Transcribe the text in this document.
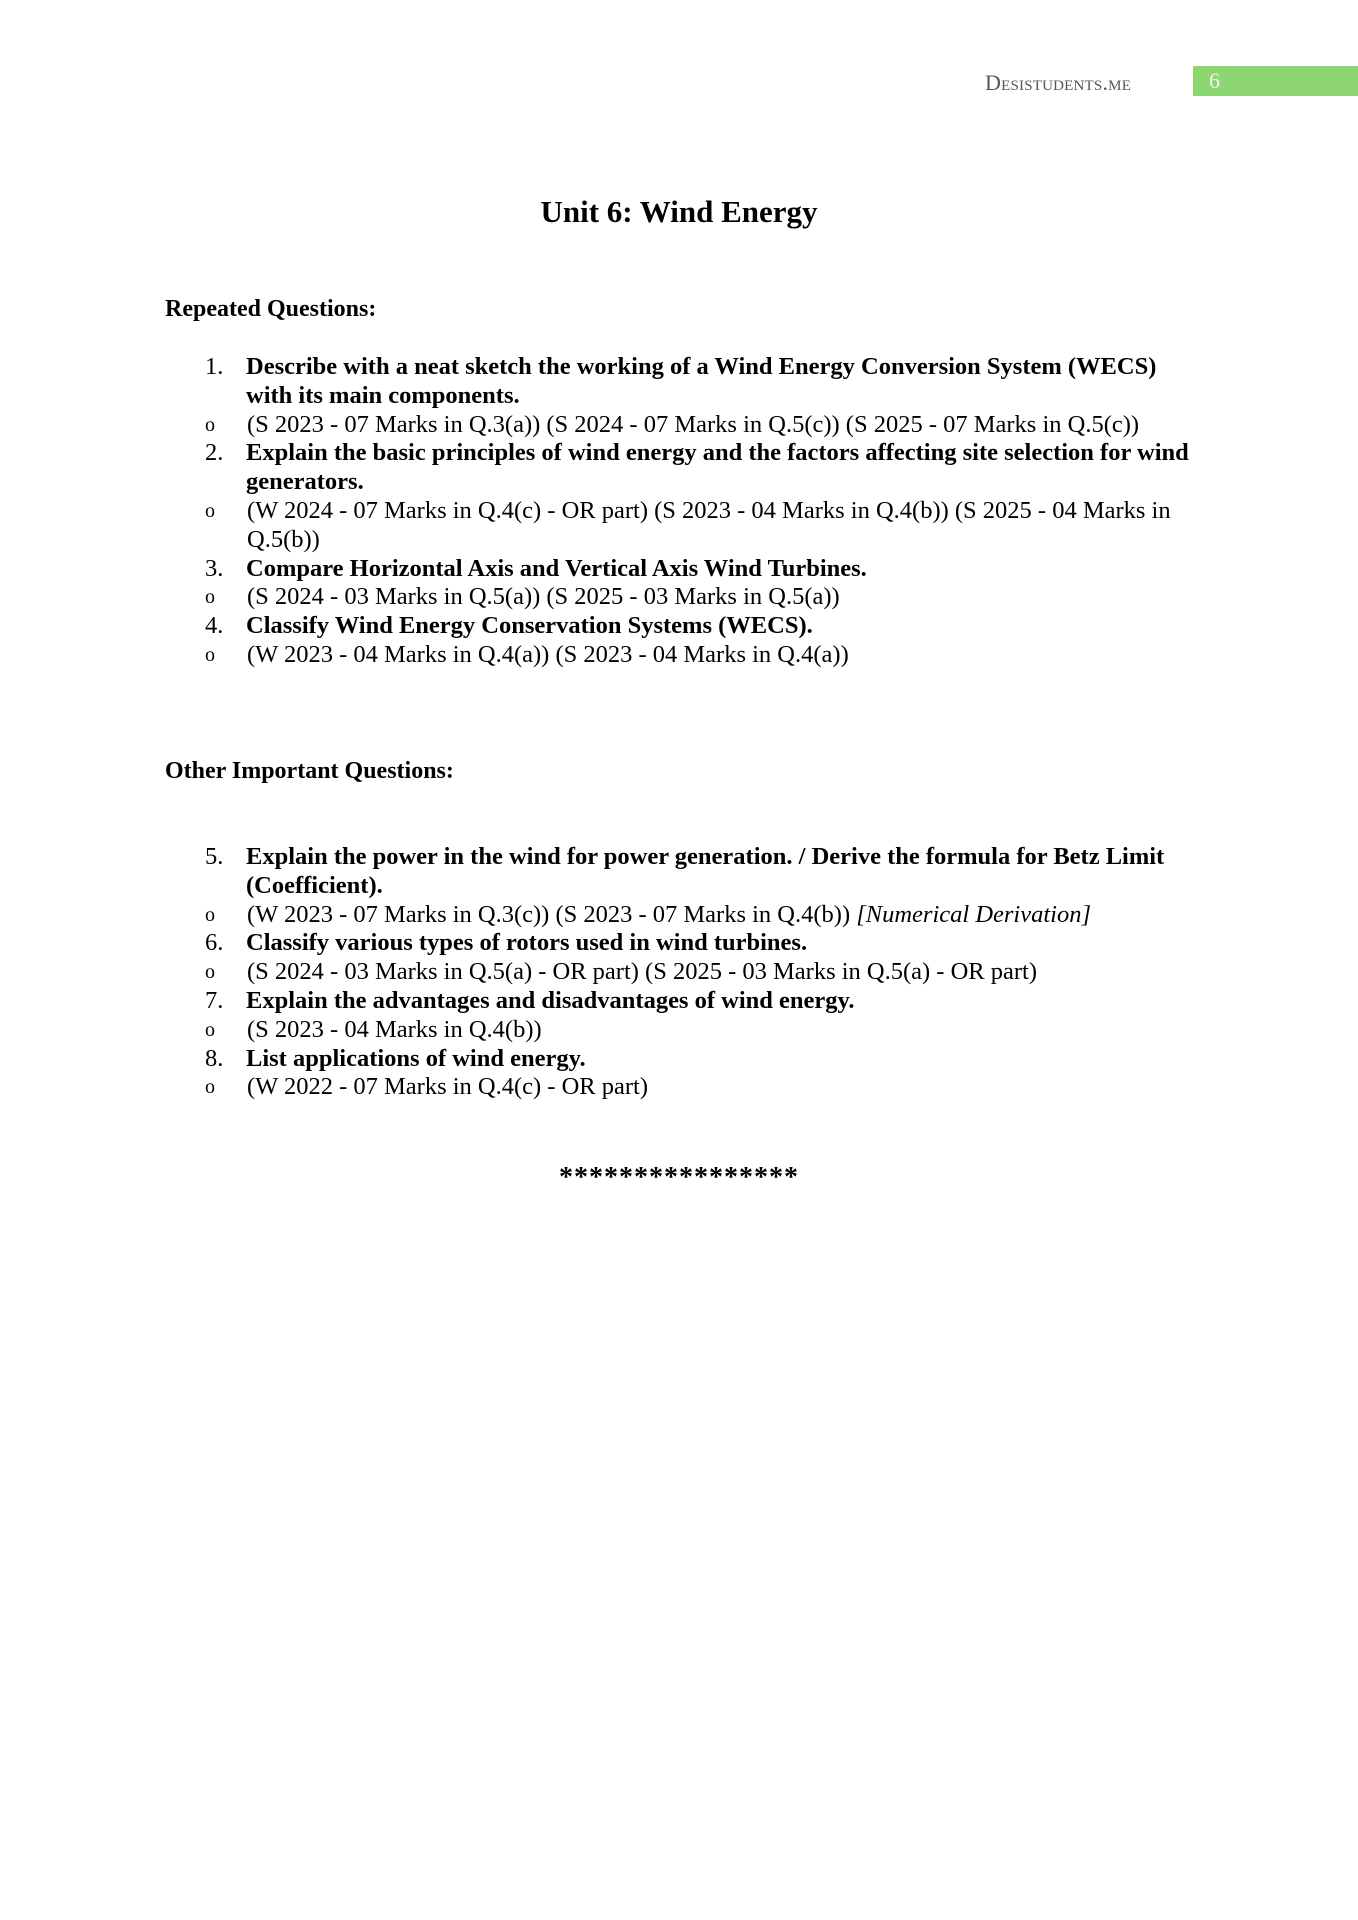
Desistudents.me	6
Unit 6: Wind Energy
Repeated Questions:
1. Describe with a neat sketch the working of a Wind Energy Conversion System (WECS) with its main components.
o (S 2023 - 07 Marks in Q.3(a)) (S 2024 - 07 Marks in Q.5(c)) (S 2025 - 07 Marks in Q.5(c))
2. Explain the basic principles of wind energy and the factors affecting site selection for wind generators.
o (W 2024 - 07 Marks in Q.4(c) - OR part) (S 2023 - 04 Marks in Q.4(b)) (S 2025 - 04 Marks in Q.5(b))
3. Compare Horizontal Axis and Vertical Axis Wind Turbines.
o (S 2024 - 03 Marks in Q.5(a)) (S 2025 - 03 Marks in Q.5(a))
4. Classify Wind Energy Conservation Systems (WECS).
o (W 2023 - 04 Marks in Q.4(a)) (S 2023 - 04 Marks in Q.4(a))
Other Important Questions:
5. Explain the power in the wind for power generation. / Derive the formula for Betz Limit (Coefficient).
o (W 2023 - 07 Marks in Q.3(c)) (S 2023 - 07 Marks in Q.4(b)) [Numerical Derivation]
6. Classify various types of rotors used in wind turbines.
o (S 2024 - 03 Marks in Q.5(a) - OR part) (S 2025 - 03 Marks in Q.5(a) - OR part)
7. Explain the advantages and disadvantages of wind energy.
o (S 2023 - 04 Marks in Q.4(b))
8. List applications of wind energy.
o (W 2022 - 07 Marks in Q.4(c) - OR part)
****************
